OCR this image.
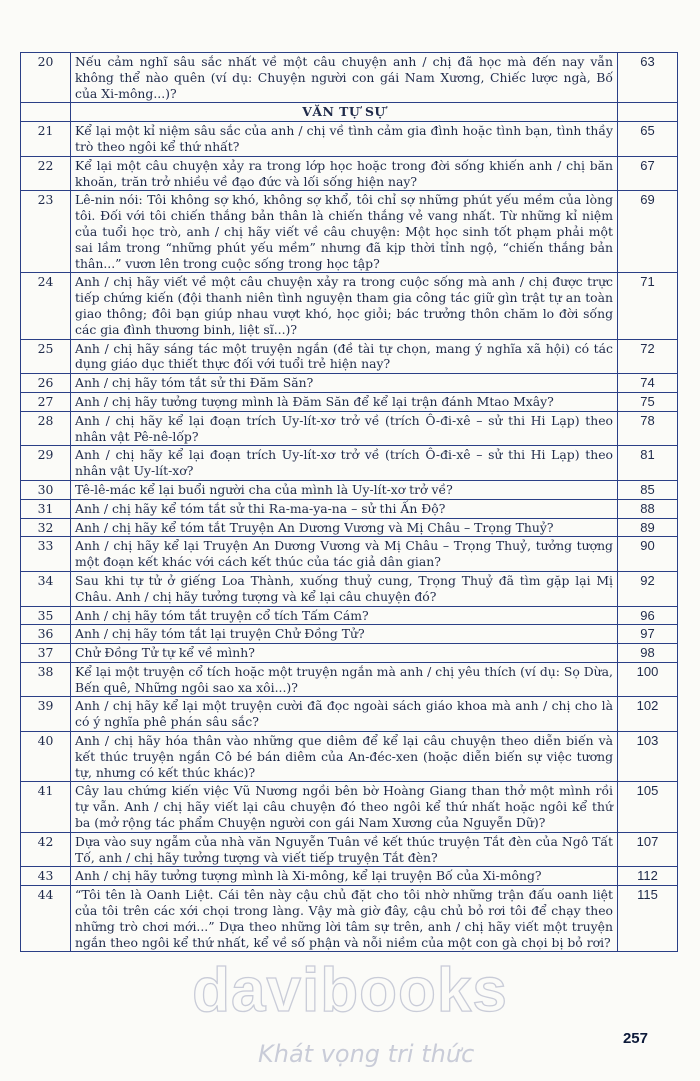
20	Nếu cảm nghĩ sâu sắc nhất về một câu chuyện anh / chị đã học mà đến nay vẫn không thể nào quên (ví dụ: Chuyện người con gái Nam Xương, Chiếc lược ngà, Bố của Xi-mông...)?	63
	VĂN TỰ SỰ	
21	Kể lại một kỉ niệm sâu sắc của anh / chị về tình cảm gia đình hoặc tình bạn, tình thầy trò theo ngôi kể thứ nhất?	65
22	Kể lại một câu chuyện xảy ra trong lớp học hoặc trong đời sống khiến anh / chị băn khoăn, trăn trở nhiều về đạo đức và lối sống hiện nay?	67
23	Lê-nin nói: Tôi không sợ khó, không sợ khổ, tôi chỉ sợ những phút yếu mềm của lòng tôi. Đối với tôi chiến thắng bản thân là chiến thắng vẻ vang nhất. Từ những kỉ niệm của tuổi học trò, anh / chị hãy viết về câu chuyện: Một học sinh tốt phạm phải một sai lầm trong “những phút yếu mềm” nhưng đã kịp thời tỉnh ngộ, “chiến thắng bản thân...” vươn lên trong cuộc sống trong học tập?	69
24	Anh / chị hãy viết về một câu chuyện xảy ra trong cuộc sống mà anh / chị được trực tiếp chứng kiến (đội thanh niên tình nguyện tham gia công tác giữ gìn trật tự an toàn giao thông; đôi bạn giúp nhau vượt khó, học giỏi; bác trưởng thôn chăm lo đời sống các gia đình thương binh, liệt sĩ...)?	71
25	Anh / chị hãy sáng tác một truyện ngắn (đề tài tự chọn, mang ý nghĩa xã hội) có tác dụng giáo dục thiết thực đối với tuổi trẻ hiện nay?	72
26	Anh / chị hãy tóm tắt sử thi Đăm Săn?	74
27	Anh / chị hãy tưởng tượng mình là Đăm Săn để kể lại trận đánh Mtao Mxây?	75
28	Anh / chị hãy kể lại đoạn trích Uy-lít-xơ trở về (trích Ô-đi-xê – sử thi Hi Lạp) theo nhân vật Pê-nê-lốp?	78
29	Anh / chị hãy kể lại đoạn trích Uy-lít-xơ trở về (trích Ô-đi-xê – sử thi Hi Lạp) theo nhân vật Uy-lít-xơ?	81
30	Tê-lê-mác kể lại buổi người cha của mình là Uy-lít-xơ trở về?	85
31	Anh / chị hãy kể tóm tắt sử thi Ra-ma-ya-na – sử thi Ấn Độ?	88
32	Anh / chị hãy kể tóm tắt Truyện An Dương Vương và Mị Châu – Trọng Thuỷ?	89
33	Anh / chị hãy kể lại Truyện An Dương Vương và Mị Châu – Trọng Thuỷ, tưởng tượng một đoạn kết khác với cách kết thúc của tác giả dân gian?	90
34	Sau khi tự tử ở giếng Loa Thành, xuống thuỷ cung, Trọng Thuỷ đã tìm gặp lại Mị Châu. Anh / chị hãy tưởng tượng và kể lại câu chuyện đó?	92
35	Anh / chị hãy tóm tắt truyện cổ tích Tấm Cám?	96
36	Anh / chị hãy tóm tắt lại truyện Chử Đồng Tử?	97
37	Chử Đồng Tử tự kể về mình?	98
38	Kể lại một truyện cổ tích hoặc một truyện ngắn mà anh / chị yêu thích (ví dụ: Sọ Dừa, Bến quê, Những ngôi sao xa xôi...)?	100
39	Anh / chị hãy kể lại một truyện cười đã đọc ngoài sách giáo khoa mà anh / chị cho là có ý nghĩa phê phán sâu sắc?	102
40	Anh / chị hãy hóa thân vào những que diêm để kể lại câu chuyện theo diễn biến và kết thúc truyện ngắn Cô bé bán diêm của An-đéc-xen (hoặc diễn biến sự việc tương tự, nhưng có kết thúc khác)?	103
41	Cây lau chứng kiến việc Vũ Nương ngồi bên bờ Hoàng Giang than thở một mình rồi tự vẫn. Anh / chị hãy viết lại câu chuyện đó theo ngôi kể thứ nhất hoặc ngôi kể thứ ba (mở rộng tác phẩm Chuyện người con gái Nam Xương của Nguyễn Dữ)?	105
42	Dựa vào suy ngẫm của nhà văn Nguyễn Tuân về kết thúc truyện Tắt đèn của Ngô Tất Tố, anh / chị hãy tưởng tượng và viết tiếp truyện Tắt đèn?	107
43	Anh / chị hãy tưởng tượng mình là Xi-mông, kể lại truyện Bố của Xi-mông?	112
44	“Tôi tên là Oanh Liệt. Cái tên này cậu chủ đặt cho tôi nhờ những trận đấu oanh liệt của tôi trên các xới chọi trong làng. Vậy mà giờ đây, cậu chủ bỏ rơi tôi để chạy theo những trò chơi mới...” Dựa theo những lời tâm sự trên, anh / chị hãy viết một truyện ngắn theo ngôi kể thứ nhất, kể về số phận và nỗi niềm của một con gà chọi bị bỏ rơi?	115
davibooks
Khát vọng tri thức
257
